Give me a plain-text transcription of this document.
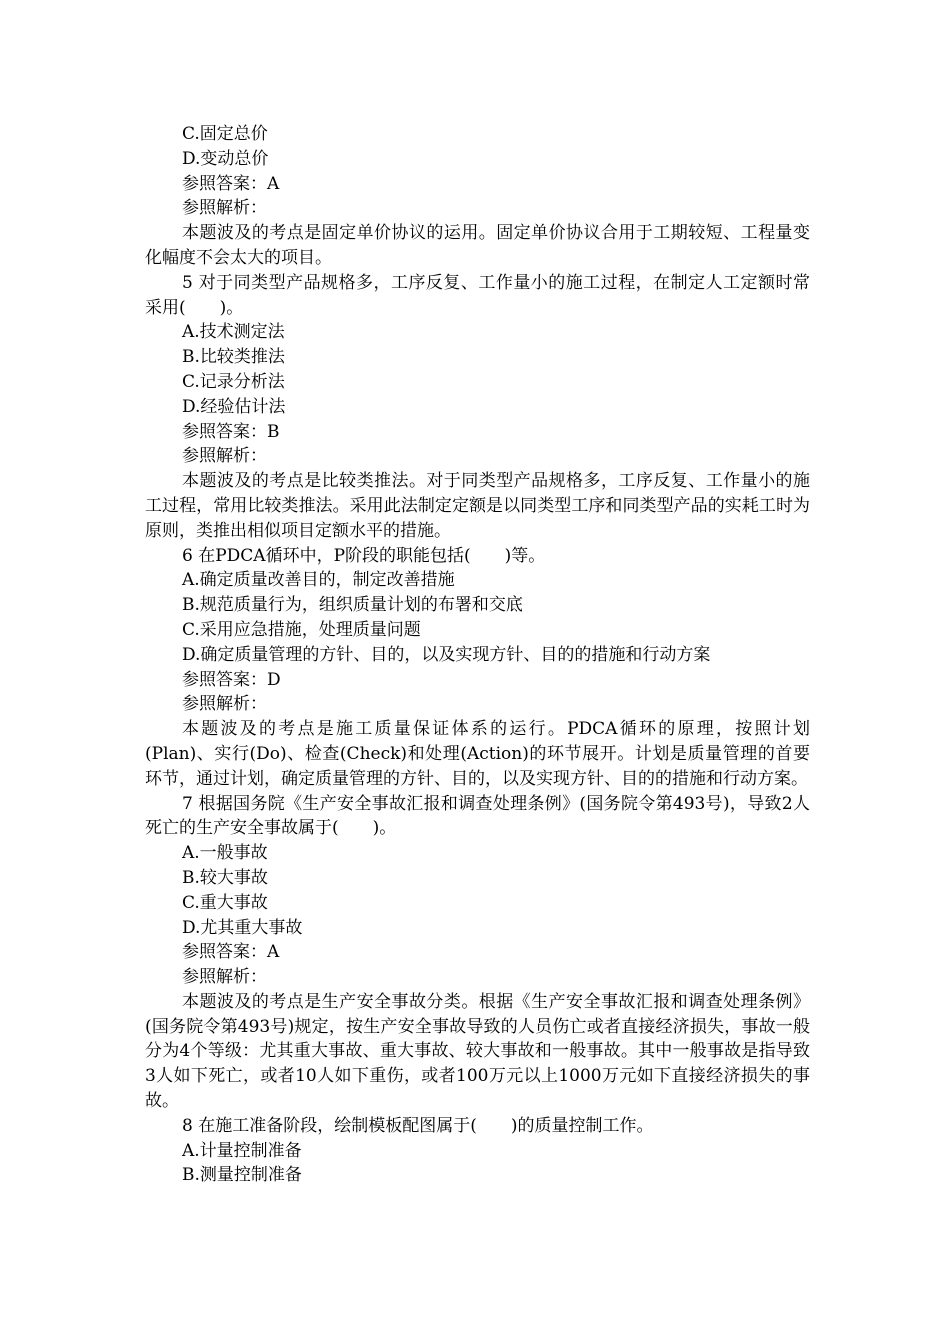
C.固定总价
D.变动总价
参照答案：A
参照解析：

本题波及的考点是固定单价协议的运用。固定单价协议合用于工期较短、工程量变化幅度不会太大的项目。

5 对于同类型产品规格多，工序反复、工作量小的施工过程，在制定人工定额时常采用(　　)。

A.技术测定法
B.比较类推法
C.记录分析法
D.经验估计法
参照答案：B
参照解析：

本题波及的考点是比较类推法。对于同类型产品规格多，工序反复、工作量小的施工过程，常用比较类推法。采用此法制定定额是以同类型工序和同类型产品的实耗工时为原则，类推出相似项目定额水平的措施。

6 在PDCA循环中，P阶段的职能包括(　　)等。

A.确定质量改善目的，制定改善措施
B.规范质量行为，组织质量计划的布署和交底
C.采用应急措施，处理质量问题
D.确定质量管理的方针、目的，以及实现方针、目的的措施和行动方案
参照答案：D
参照解析：

本题波及的考点是施工质量保证体系的运行。PDCA循环的原理，按照计划(Plan)、实行(Do)、检查(Check)和处理(Action)的环节展开。计划是质量管理的首要环节，通过计划，确定质量管理的方针、目的，以及实现方针、目的的措施和行动方案。

7 根据国务院《生产安全事故汇报和调查处理条例》(国务院令第493号)，导致2人死亡的生产安全事故属于(　　)。

A.一般事故
B.较大事故
C.重大事故
D.尤其重大事故
参照答案：A
参照解析：

本题波及的考点是生产安全事故分类。根据《生产安全事故汇报和调查处理条例》(国务院令第493号)规定，按生产安全事故导致的人员伤亡或者直接经济损失，事故一般分为4个等级：尤其重大事故、重大事故、较大事故和一般事故。其中一般事故是指导致3人如下死亡，或者10人如下重伤，或者100万元以上1000万元如下直接经济损失的事故。

8 在施工准备阶段，绘制模板配图属于(　　)的质量控制工作。

A.计量控制准备
B.测量控制准备
